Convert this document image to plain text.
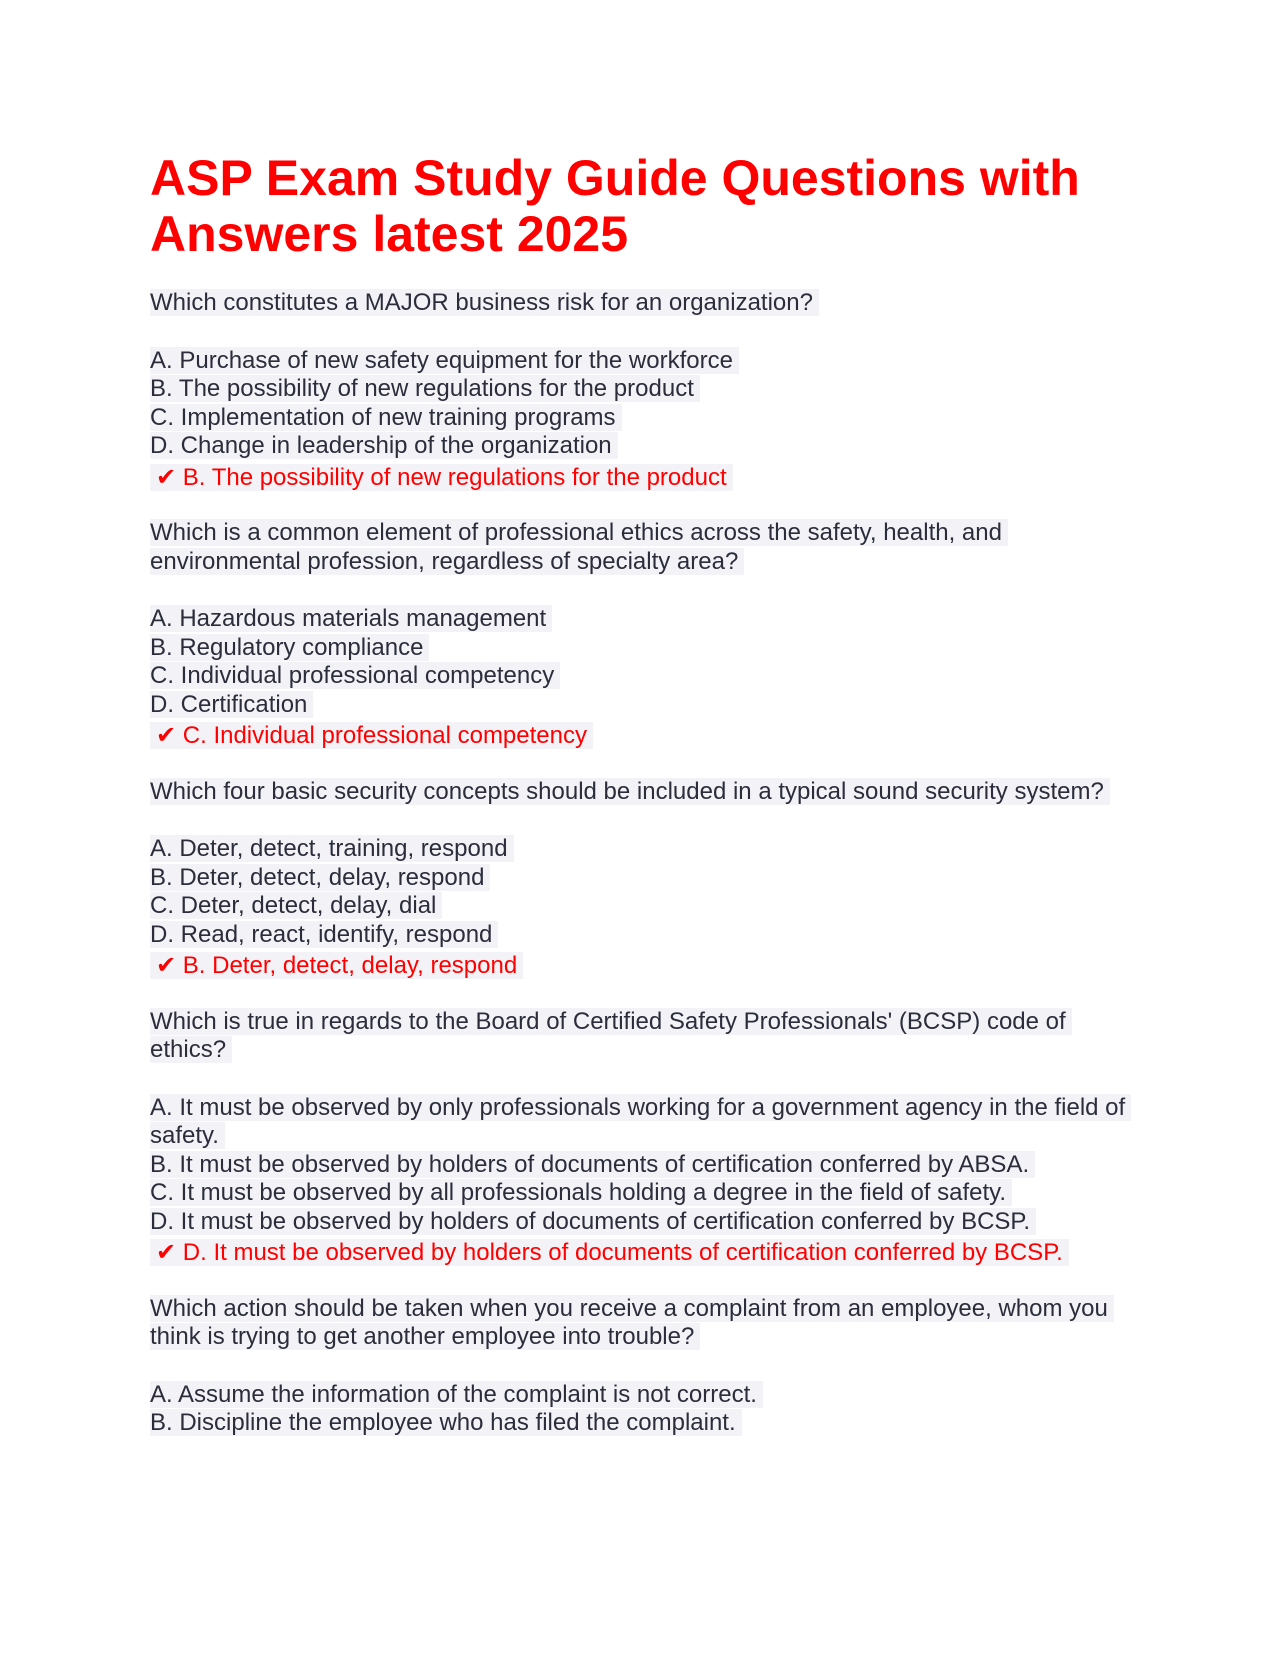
ASP Exam Study Guide Questions with Answers latest 2025

Which constitutes a MAJOR business risk for an organization?

A. Purchase of new safety equipment for the workforce

B. The possibility of new regulations for the product

C. Implementation of new training programs

D. Change in leadership of the organization

✔ B. The possibility of new regulations for the product

Which is a common element of professional ethics across the safety, health, and environmental profession, regardless of specialty area?

A. Hazardous materials management

B. Regulatory compliance

C. Individual professional competency

D. Certification

✔ C. Individual professional competency

Which four basic security concepts should be included in a typical sound security system?

A. Deter, detect, training, respond

B. Deter, detect, delay, respond

C. Deter, detect, delay, dial

D. Read, react, identify, respond

✔ B. Deter, detect, delay, respond

Which is true in regards to the Board of Certified Safety Professionals' (BCSP) code of ethics?

A. It must be observed by only professionals working for a government agency in the field of safety.

B. It must be observed by holders of documents of certification conferred by ABSA.

C. It must be observed by all professionals holding a degree in the field of safety.

D. It must be observed by holders of documents of certification conferred by BCSP.

✔ D. It must be observed by holders of documents of certification conferred by BCSP.

Which action should be taken when you receive a complaint from an employee, whom you think is trying to get another employee into trouble?

A. Assume the information of the complaint is not correct.

B. Discipline the employee who has filed the complaint.
